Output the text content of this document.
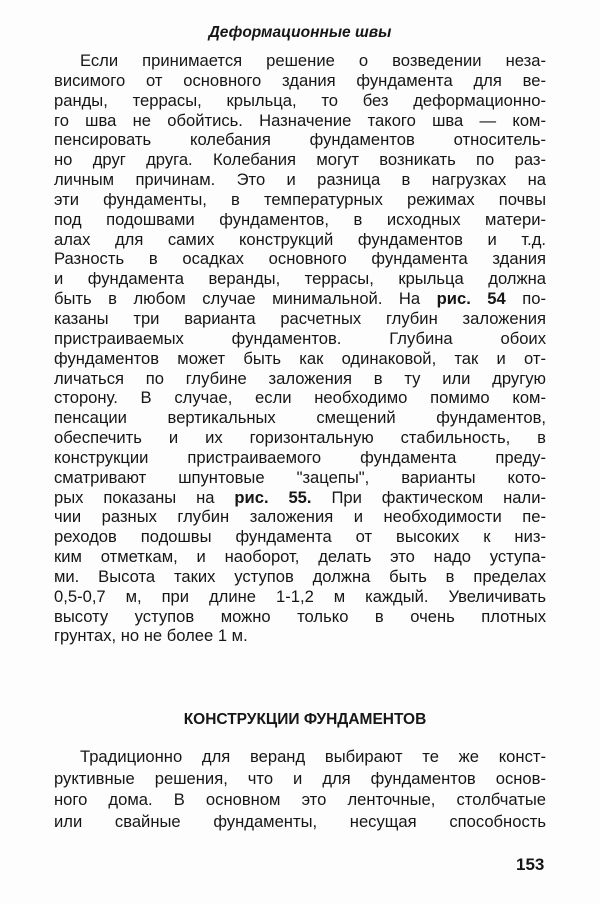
Деформационные швы
Если принимается решение о возведении неза-
висимого от основного здания фундамента для ве-
ранды, террасы, крыльца, то без деформационно-
го шва не обойтись. Назначение такого шва — ком-
пенсировать колебания фундаментов относитель-
но друг друга. Колебания могут возникать по раз-
личным причинам. Это и разница в нагрузках на
эти фундаменты, в температурных режимах почвы
под подошвами фундаментов, в исходных матери-
алах для самих конструкций фундаментов и т.д.
Разность в осадках основного фундамента здания
и фундамента веранды, террасы, крыльца должна
быть в любом случае минимальной. На рис. 54 по-
казаны три варианта расчетных глубин заложения
пристраиваемых фундаментов. Глубина обоих
фундаментов может быть как одинаковой, так и от-
личаться по глубине заложения в ту или другую
сторону. В случае, если необходимо помимо ком-
пенсации вертикальных смещений фундаментов,
обеспечить и их горизонтальную стабильность, в
конструкции пристраиваемого фундамента преду-
сматривают шпунтовые "зацепы", варианты кото-
рых показаны на рис. 55. При фактическом нали-
чии разных глубин заложения и необходимости пе-
реходов подошвы фундамента от высоких к низ-
ким отметкам, и наоборот, делать это надо уступа-
ми. Высота таких уступов должна быть в пределах
0,5-0,7 м, при длине 1-1,2 м каждый. Увеличивать
высоту уступов можно только в очень плотных
грунтах, но не более 1 м.
КОНСТРУКЦИИ ФУНДАМЕНТОВ
Традиционно для веранд выбирают те же конст-
руктивные решения, что и для фундаментов основ-
ного дома. В основном это ленточные, столбчатые
или свайные фундаменты, несущая способность
153
